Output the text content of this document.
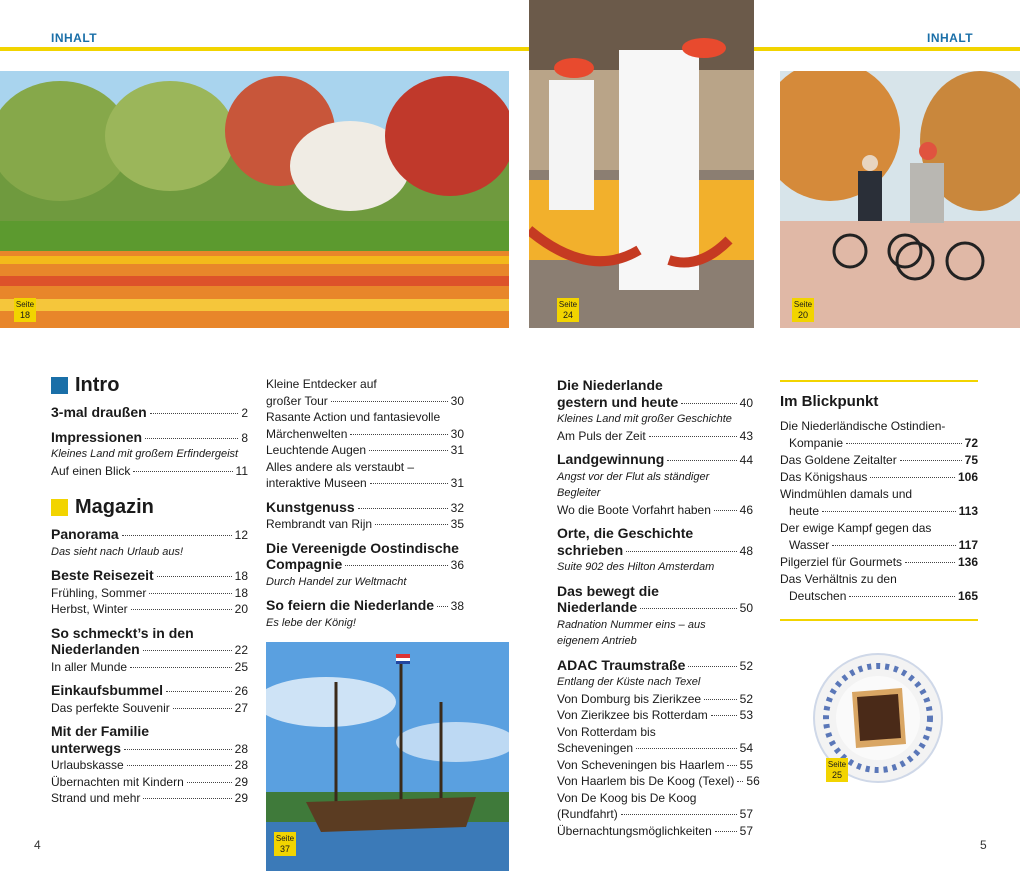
INHALT	INHALT
Seite
18
Seite
24
Seite
20
Intro
3-mal draußen	2
Impressionen	8
Kleines Land mit großem Erfindergeist
Auf einen Blick	11
Magazin
Panorama	12
Das sieht nach Urlaub aus!
Beste Reisezeit	18
Frühling, Sommer	18
Herbst, Winter	20
So schmeckt’s in den
Niederlanden	22
In aller Munde	25
Einkaufsbummel	26
Das perfekte Souvenir	27
Mit der Familie
unterwegs	28
Urlaubskasse	28
Übernachten mit Kindern	29
Strand und mehr	29
Kleine Entdecker auf
großer Tour	30
Rasante Action und fantasievolle
Märchenwelten	30
Leuchtende Augen	31
Alles andere als verstaubt –
interaktive Museen	31
Kunstgenuss	32
Rembrandt van Rijn	35
Die Vereenigde Oostindische
Compagnie	36
Durch Handel zur Weltmacht
So feiern die Niederlande 38
Es lebe der König!
Seite
37
Die Niederlande
gestern und heute	40
Kleines Land mit großer Geschichte
Am Puls der Zeit	43
Landgewinnung	44
Angst vor der Flut als ständiger Begleiter
Wo die Boote Vorfahrt haben 46
Orte, die Geschichte
schrieben	48
Suite 902 des Hilton Amsterdam
Das bewegt die
Niederlande	50
Radnation Nummer eins – aus
eigenem Antrieb
ADAC Traumstraße	52
Entlang der Küste nach Texel
Von Domburg bis Zierikzee	52
Von Zierikzee bis Rotterdam	53
Von Rotterdam bis
Scheveningen	54
Von Scheveningen bis Haarlem 55
Von Haarlem bis De Koog (Texel) 56
Von De Koog bis De Koog
(Rundfahrt)	57
Übernachtungsmöglichkeiten 57
Im Blickpunkt
Die Niederländische Ostindien-
Kompanie	72
Das Goldene Zeitalter	75
Das Königshaus	106
Windmühlen damals und
heute	113
Der ewige Kampf gegen das
Wasser	117
Pilgerziel für Gourmets	136
Das Verhältnis zu den
Deutschen	165
Seite
25
4	5
